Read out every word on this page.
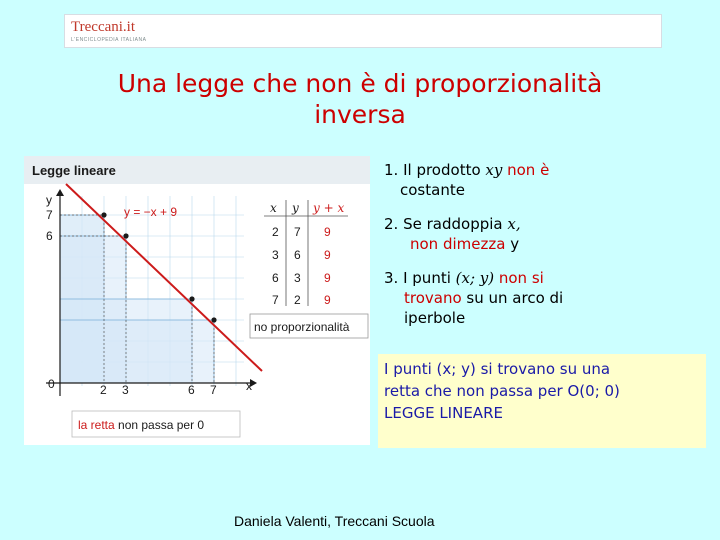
Treccani.it
L'ENCICLOPEDIA ITALIANA
Una legge che non è di proporzionalità
inversa
Legge lineare
y = −x + 9
y
x
0
7
6
2 3	6 7
x y y + x
2 7 9
3 6 9
6 3 9
7 2 9
no proporzionalità
la retta non passa per 0
1. Il prodotto xy non è
costante
2. Se raddoppia x,
non dimezza y
3. I punti (x; y) non si
trovano su un arco di
iperbole
I punti (x; y) si trovano su una
retta che non passa per O(0; 0)
LEGGE LINEARE
Daniela Valenti, Treccani Scuola
